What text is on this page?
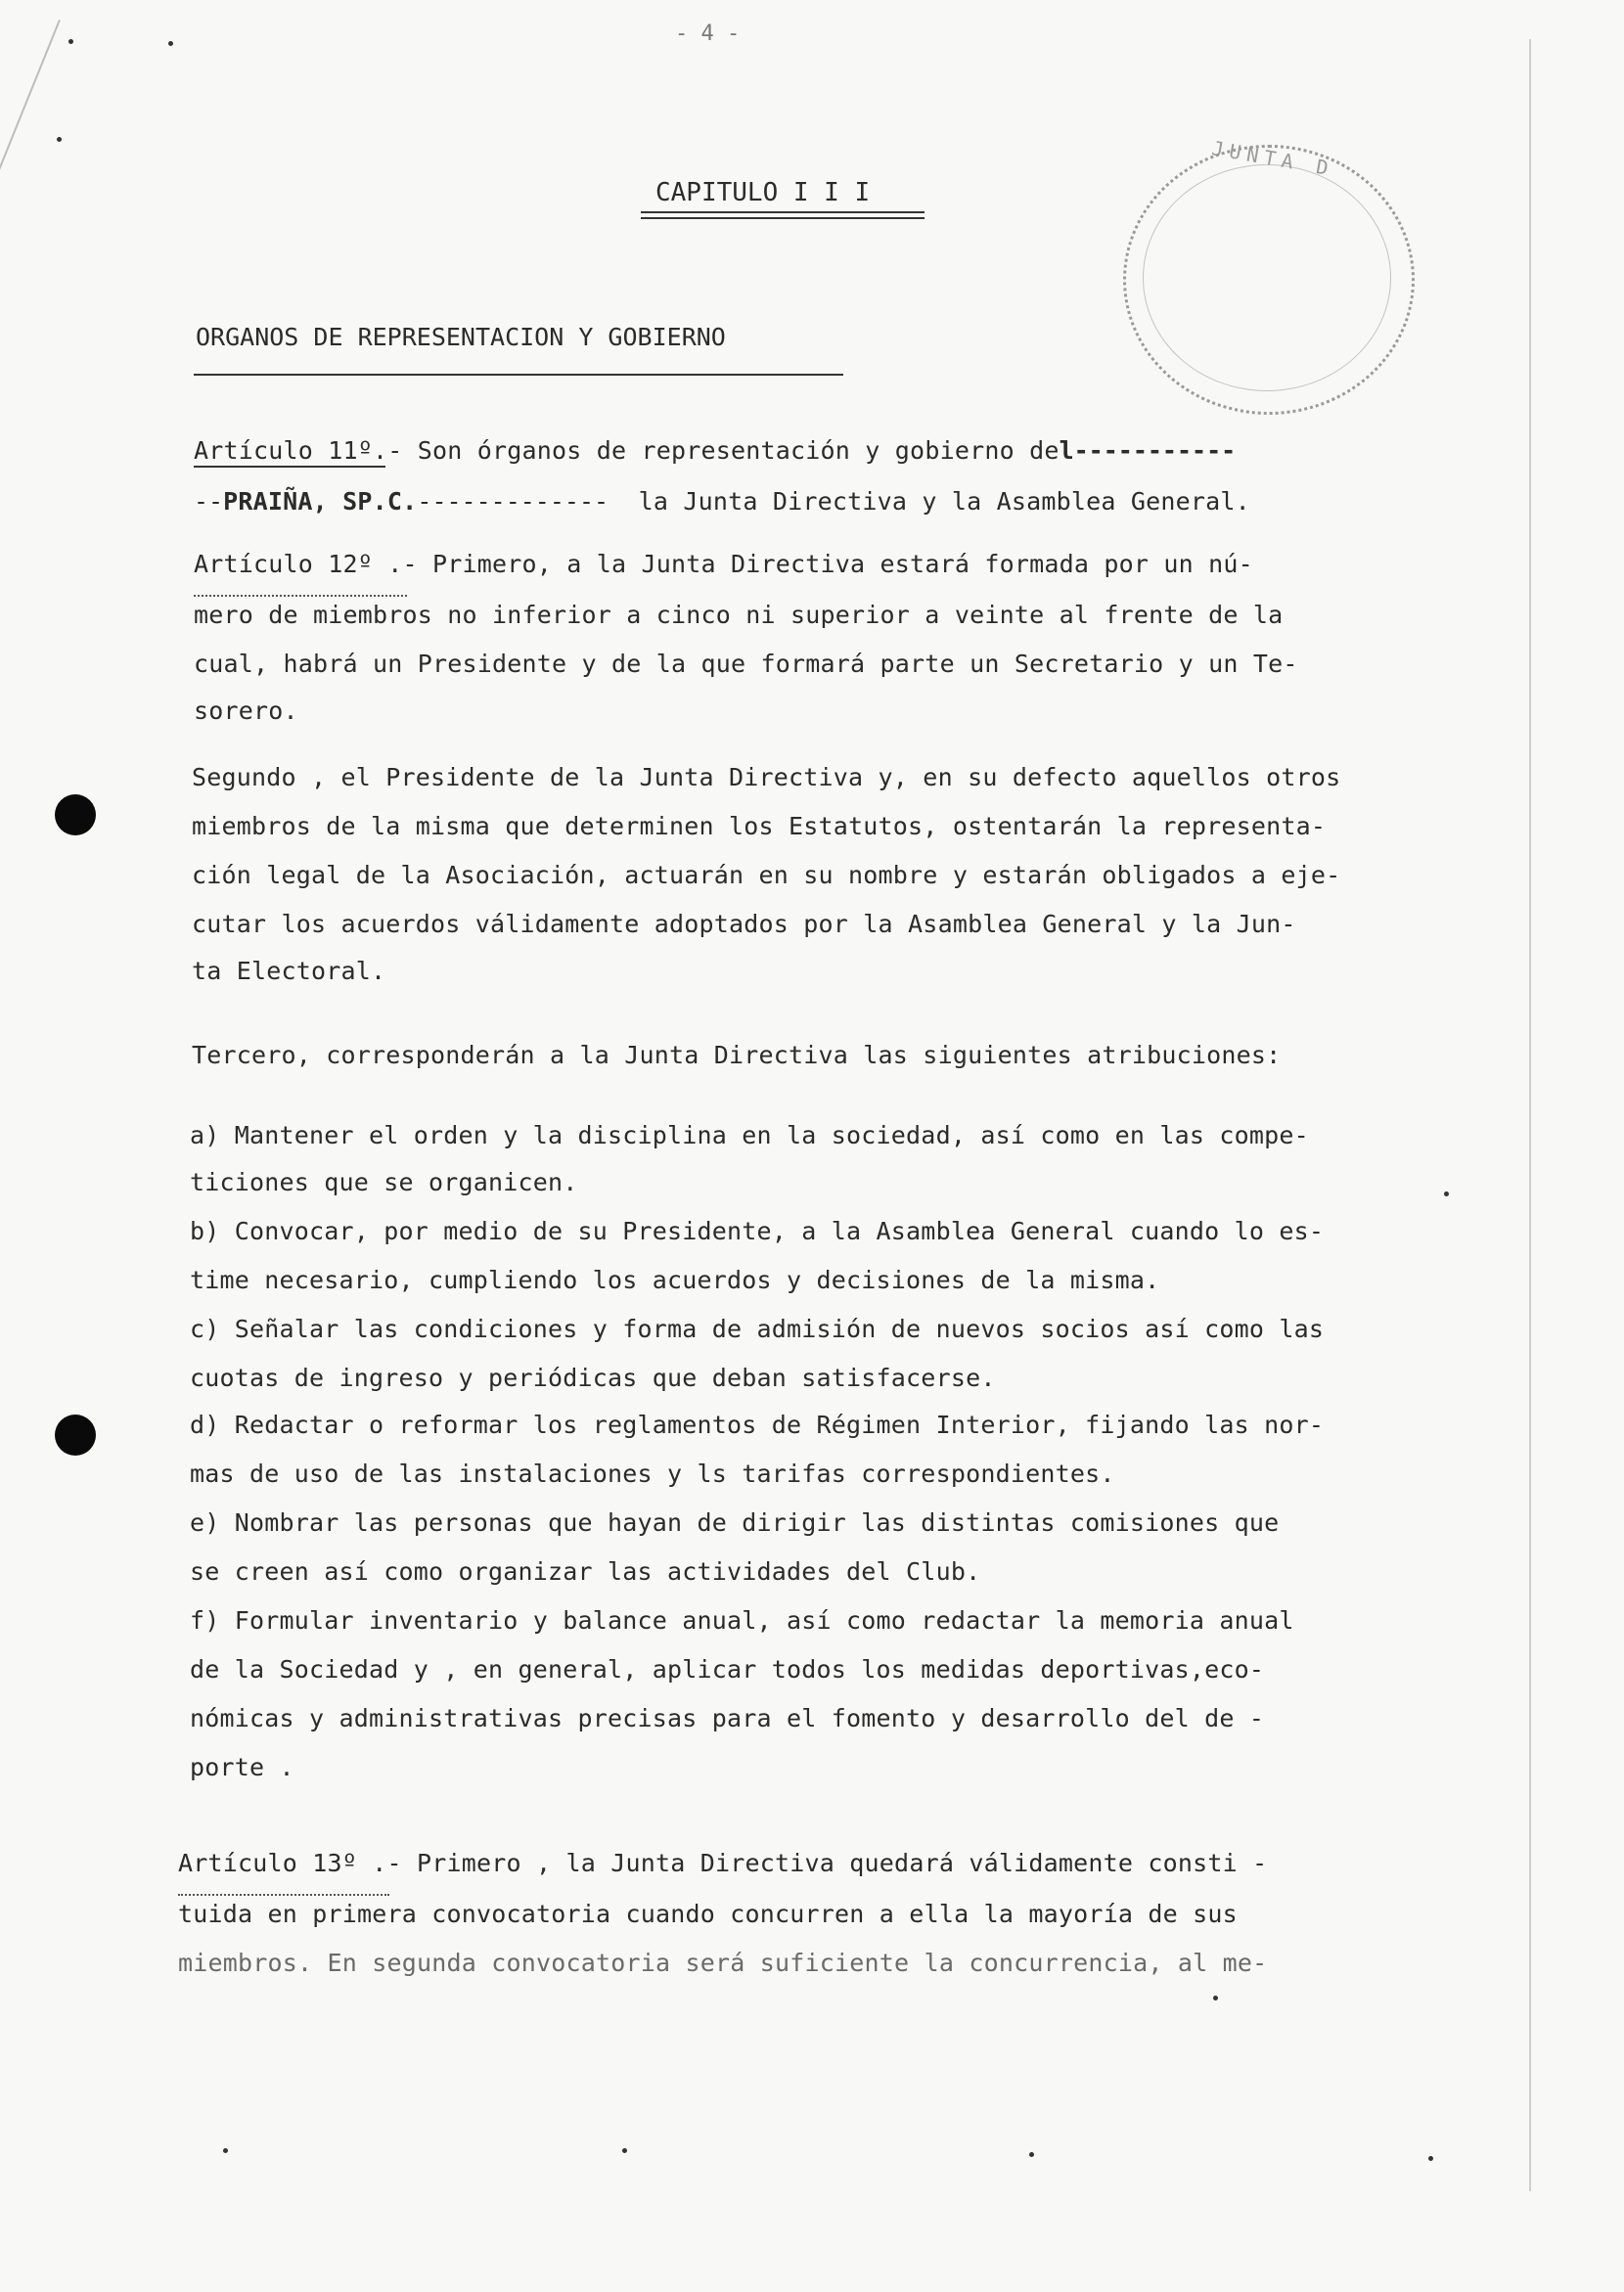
- 4 -
JUNTA D
CAPITULO I I I
ORGANOS DE REPRESENTACION Y GOBIERNO
Artículo 11º.- Son órganos de representación y gobierno del-----------
--PRAIÑA, SP.C.------------- la Junta Directiva y la Asamblea General.
Artículo 12º .- Primero, a la Junta Directiva estará formada por un nú-
mero de miembros no inferior a cinco ni superior a veinte al frente de la
cual, habrá un Presidente y de la que formará parte un Secretario y un Te-
sorero.
Segundo , el Presidente de la Junta Directiva y, en su defecto aquellos otros
miembros de la misma que determinen los Estatutos, ostentarán la representa-
ción legal de la Asociación, actuarán en su nombre y estarán obligados a eje-
cutar los acuerdos válidamente adoptados por la Asamblea General y la Jun-
ta Electoral.
Tercero, corresponderán a la Junta Directiva las siguientes atribuciones:
a) Mantener el orden y la disciplina en la sociedad, así como en las compe-
ticiones que se organicen.
b) Convocar, por medio de su Presidente, a la Asamblea General cuando lo es-
time necesario, cumpliendo los acuerdos y decisiones de la misma.
c) Señalar las condiciones y forma de admisión de nuevos socios así como las
cuotas de ingreso y periódicas que deban satisfacerse.
d) Redactar o reformar los reglamentos de Régimen Interior, fijando las nor-
mas de uso de las instalaciones y ls tarifas correspondientes.
e) Nombrar las personas que hayan de dirigir las distintas comisiones que
se creen así como organizar las actividades del Club.
f) Formular inventario y balance anual, así como redactar la memoria anual
de la Sociedad y , en general, aplicar todos los medidas deportivas,eco-
nómicas y administrativas precisas para el fomento y desarrollo del de -
porte .
Artículo 13º .- Primero , la Junta Directiva quedará válidamente consti -
tuida en primera convocatoria cuando concurren a ella la mayoría de sus
miembros. En segunda convocatoria será suficiente la concurrencia, al me-
